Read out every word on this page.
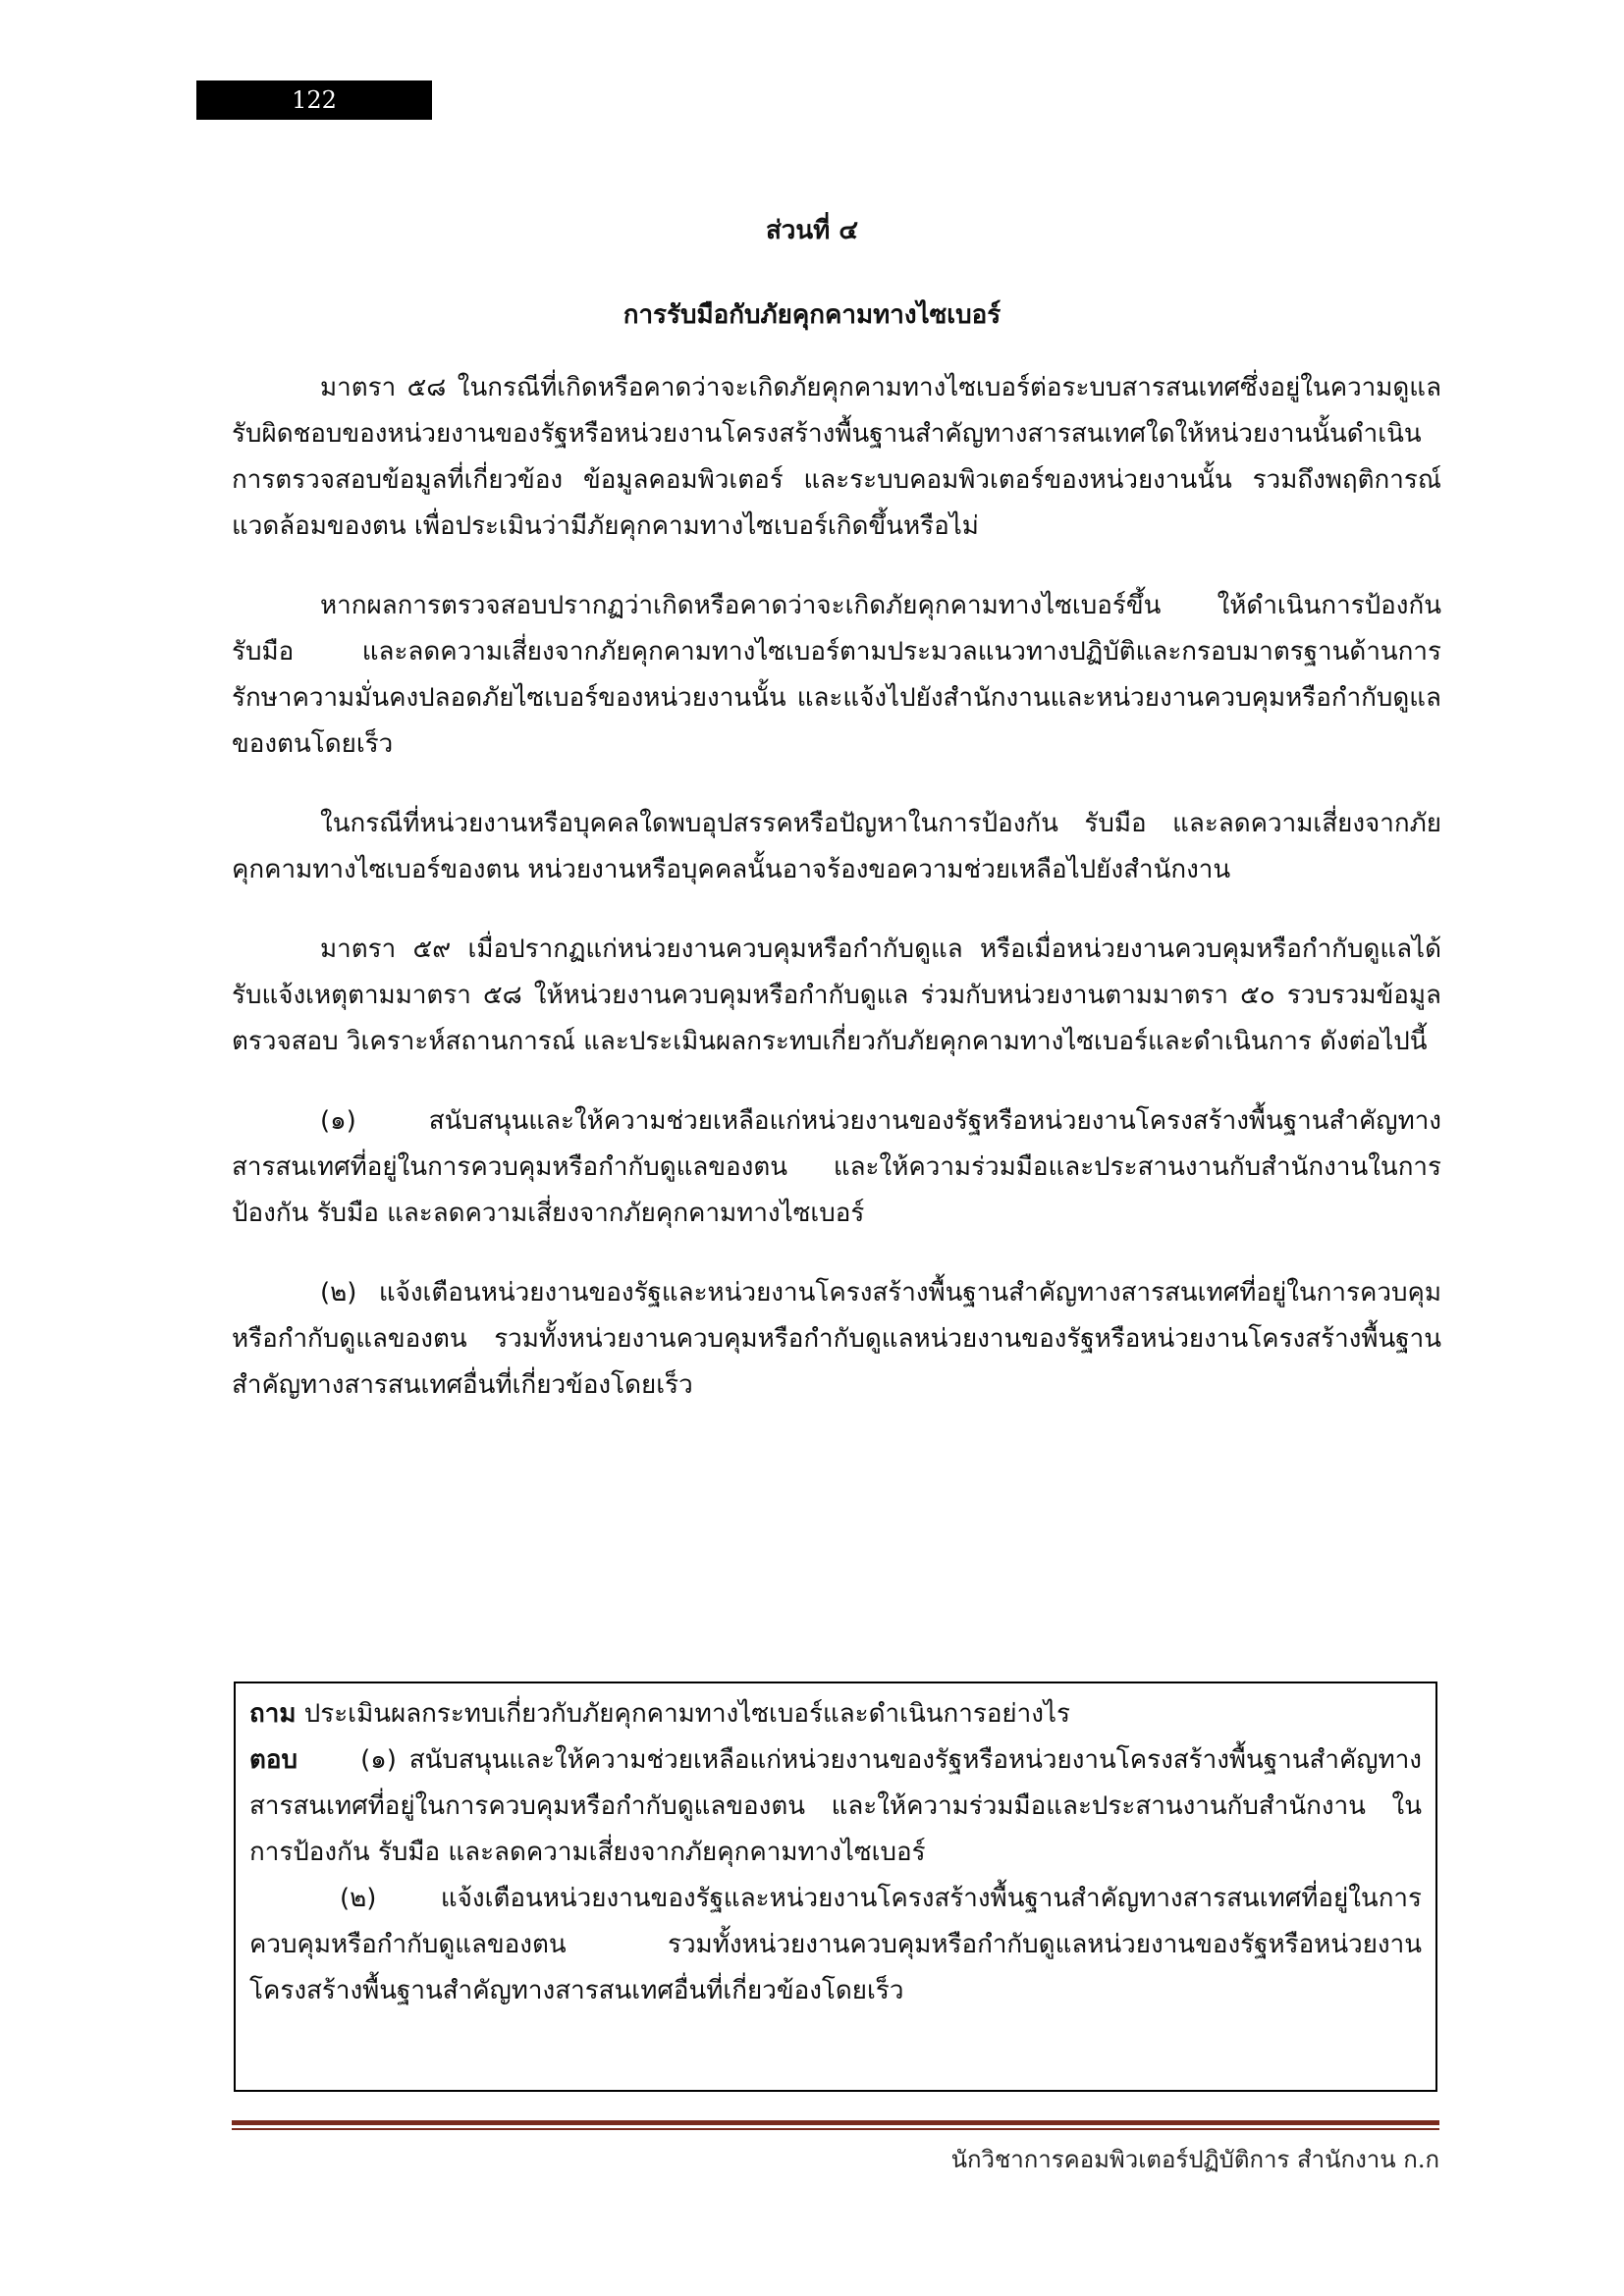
122
ส่วนที่ ๔
การรับมือกับภัยคุกคามทางไซเบอร์

มาตรา ๕๘ ในกรณีที่เกิดหรือคาดว่าจะเกิดภัยคุกคามทางไซเบอร์ต่อระบบสารสนเทศซึ่งอยู่ในความดูแลรับผิดชอบของหน่วยงานของรัฐหรือหน่วยงานโครงสร้างพื้นฐานสำคัญทางสารสนเทศใดให้หน่วยงานนั้นดำเนินการตรวจสอบข้อมูลที่เกี่ยวข้อง ข้อมูลคอมพิวเตอร์ และระบบคอมพิวเตอร์ของหน่วยงานนั้น รวมถึงพฤติการณ์แวดล้อมของตน เพื่อประเมินว่ามีภัยคุกคามทางไซเบอร์เกิดขึ้นหรือไม่

หากผลการตรวจสอบปรากฏว่าเกิดหรือคาดว่าจะเกิดภัยคุกคามทางไซเบอร์ขึ้น ให้ดำเนินการป้องกันรับมือ และลดความเสี่ยงจากภัยคุกคามทางไซเบอร์ตามประมวลแนวทางปฏิบัติและกรอบมาตรฐานด้านการรักษาความมั่นคงปลอดภัยไซเบอร์ของหน่วยงานนั้น และแจ้งไปยังสำนักงานและหน่วยงานควบคุมหรือกำกับดูแลของตนโดยเร็ว

ในกรณีที่หน่วยงานหรือบุคคลใดพบอุปสรรคหรือปัญหาในการป้องกัน รับมือ และลดความเสี่ยงจากภัยคุกคามทางไซเบอร์ของตน หน่วยงานหรือบุคคลนั้นอาจร้องขอความช่วยเหลือไปยังสำนักงาน

มาตรา ๕๙ เมื่อปรากฏแก่หน่วยงานควบคุมหรือกำกับดูแล หรือเมื่อหน่วยงานควบคุมหรือกำกับดูแลได้รับแจ้งเหตุตามมาตรา ๕๘ ให้หน่วยงานควบคุมหรือกำกับดูแล ร่วมกับหน่วยงานตามมาตรา ๕๐ รวบรวมข้อมูล ตรวจสอบ วิเคราะห์สถานการณ์ และประเมินผลกระทบเกี่ยวกับภัยคุกคามทางไซเบอร์และดำเนินการ ดังต่อไปนี้

(๑) สนับสนุนและให้ความช่วยเหลือแก่หน่วยงานของรัฐหรือหน่วยงานโครงสร้างพื้นฐานสำคัญทางสารสนเทศที่อยู่ในการควบคุมหรือกำกับดูแลของตน และให้ความร่วมมือและประสานงานกับสำนักงานในการป้องกัน รับมือ และลดความเสี่ยงจากภัยคุกคามทางไซเบอร์

(๒) แจ้งเตือนหน่วยงานของรัฐและหน่วยงานโครงสร้างพื้นฐานสำคัญทางสารสนเทศที่อยู่ในการควบคุมหรือกำกับดูแลของตน รวมทั้งหน่วยงานควบคุมหรือกำกับดูแลหน่วยงานของรัฐหรือหน่วยงานโครงสร้างพื้นฐานสำคัญทางสารสนเทศอื่นที่เกี่ยวข้องโดยเร็ว

ถาม ประเมินผลกระทบเกี่ยวกับภัยคุกคามทางไซเบอร์และดำเนินการอย่างไร

ตอบ (๑) สนับสนุนและให้ความช่วยเหลือแก่หน่วยงานของรัฐหรือหน่วยงานโครงสร้างพื้นฐานสำคัญทางสารสนเทศที่อยู่ในการควบคุมหรือกำกับดูแลของตน และให้ความร่วมมือและประสานงานกับสำนักงาน ในการป้องกัน รับมือ และลดความเสี่ยงจากภัยคุกคามทางไซเบอร์

(๒) แจ้งเตือนหน่วยงานของรัฐและหน่วยงานโครงสร้างพื้นฐานสำคัญทางสารสนเทศที่อยู่ในการควบคุมหรือกำกับดูแลของตน รวมทั้งหน่วยงานควบคุมหรือกำกับดูแลหน่วยงานของรัฐหรือหน่วยงานโครงสร้างพื้นฐานสำคัญทางสารสนเทศอื่นที่เกี่ยวข้องโดยเร็ว

นักวิชาการคอมพิวเตอร์ปฏิบัติการ สำนักงาน ก.ก
